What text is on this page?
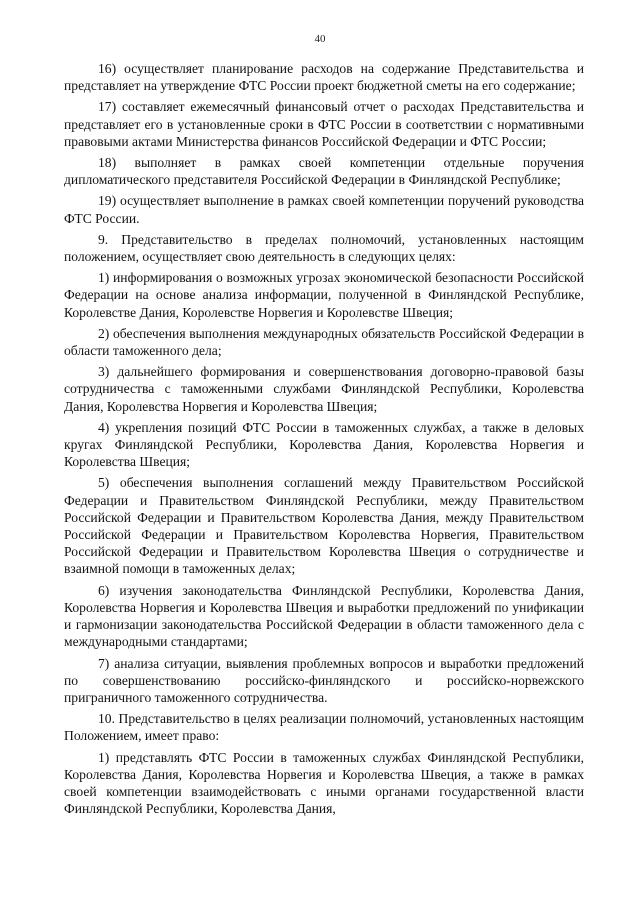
40

16) осуществляет планирование расходов на содержание Представительства и представляет на утверждение ФТС России проект бюджетной сметы на его содержание;

17) составляет ежемесячный финансовый отчет о расходах Представительства и представляет его в установленные сроки в ФТС России в соответствии с нормативными правовыми актами Министерства финансов Российской Федерации и ФТС России;

18) выполняет в рамках своей компетенции отдельные поручения дипломатического представителя Российской Федерации в Финляндской Республике;

19) осуществляет выполнение в рамках своей компетенции поручений руководства ФТС России.

9. Представительство в пределах полномочий, установленных настоящим положением, осуществляет свою деятельность в следующих целях:

1) информирования о возможных угрозах экономической безопасности Российской Федерации на основе анализа информации, полученной в Финляндской Республике, Королевстве Дания, Королевстве Норвегия и Королевстве Швеция;

2) обеспечения выполнения международных обязательств Российской Федерации в области таможенного дела;

3) дальнейшего формирования и совершенствования договорно-правовой базы сотрудничества с таможенными службами Финляндской Республики, Королевства Дания, Королевства Норвегия и Королевства Швеция;

4) укрепления позиций ФТС России в таможенных службах, а также в деловых кругах Финляндской Республики, Королевства Дания, Королевства Норвегия и Королевства Швеция;

5) обеспечения выполнения соглашений между Правительством Российской Федерации и Правительством Финляндской Республики, между Правительством Российской Федерации и Правительством Королевства Дания, между Правительством Российской Федерации и Правительством Королевства Норвегия, Правительством Российской Федерации и Правительством Королевства Швеция о сотрудничестве и взаимной помощи в таможенных делах;

6) изучения законодательства Финляндской Республики, Королевства Дания, Королевства Норвегия и Королевства Швеция и выработки предложений по унификации и гармонизации законодательства Российской Федерации в области таможенного дела с международными стандартами;

7) анализа ситуации, выявления проблемных вопросов и выработки предложений по совершенствованию российско-финляндского и российско-норвежского приграничного таможенного сотрудничества.

10. Представительство в целях реализации полномочий, установленных настоящим Положением, имеет право:

1) представлять ФТС России в таможенных службах Финляндской Республики, Королевства Дания, Королевства Норвегия и Королевства Швеция, а также в рамках своей компетенции взаимодействовать с иными органами государственной власти Финляндской Республики, Королевства Дания,
